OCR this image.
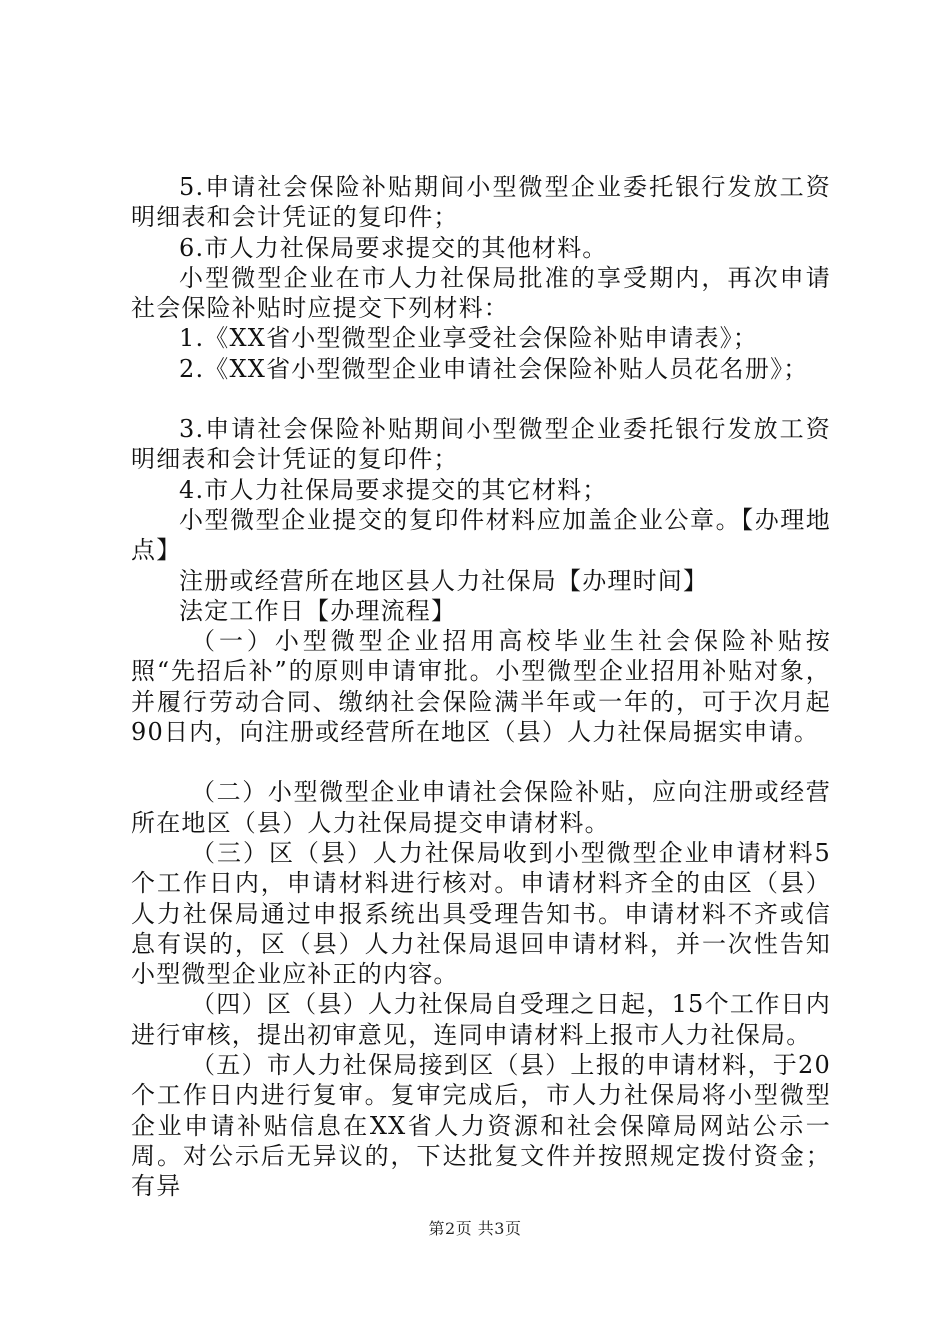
5.申请社会保险补贴期间小型微型企业委托银行发放工资明细表和会计凭证的复印件；

6.市人力社保局要求提交的其他材料。

小型微型企业在市人力社保局批准的享受期内，再次申请社会保险补贴时应提交下列材料：

1.《XX省小型微型企业享受社会保险补贴申请表》；

2.《XX省小型微型企业申请社会保险补贴人员花名册》；

3.申请社会保险补贴期间小型微型企业委托银行发放工资明细表和会计凭证的复印件；

4.市人力社保局要求提交的其它材料；

小型微型企业提交的复印件材料应加盖企业公章。【办理地点】

注册或经营所在地区县人力社保局【办理时间】

法定工作日【办理流程】

（一）小型微型企业招用高校毕业生社会保险补贴按照“先招后补”的原则申请审批。小型微型企业招用补贴对象，并履行劳动合同、缴纳社会保险满半年或一年的，可于次月起90日内，向注册或经营所在地区（县）人力社保局据实申请。

（二）小型微型企业申请社会保险补贴，应向注册或经营所在地区（县）人力社保局提交申请材料。

（三）区（县）人力社保局收到小型微型企业申请材料5个工作日内，申请材料进行核对。申请材料齐全的由区（县）人力社保局通过申报系统出具受理告知书。申请材料不齐或信息有误的，区（县）人力社保局退回申请材料，并一次性告知小型微型企业应补正的内容。

（四）区（县）人力社保局自受理之日起，15个工作日内进行审核，提出初审意见，连同申请材料上报市人力社保局。

（五）市人力社保局接到区（县）上报的申请材料，于20个工作日内进行复审。复审完成后，市人力社保局将小型微型企业申请补贴信息在XX省人力资源和社会保障局网站公示一周。对公示后无异议的，下达批复文件并按照规定拨付资金；有异

第2页 共3页
